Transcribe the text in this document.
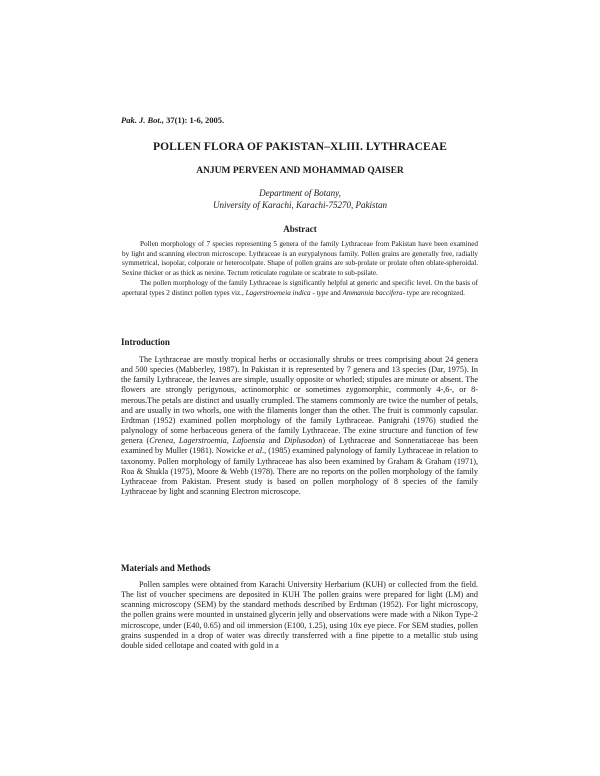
Pak. J. Bot., 37(1): 1-6, 2005.
POLLEN FLORA OF PAKISTAN–XLIII. LYTHRACEAE
ANJUM PERVEEN AND MOHAMMAD QAISER
Department of Botany,
University of Karachi, Karachi-75270, Pakistan
Abstract

Pollen morphology of 7 species representing 5 genera of the family Lythraceae from Pakistan have been examined by light and scanning electron microscope. Lythraceae is an eurypalynous family. Pollen grains are generally free, radially symmetrical, isopolar, colporate or heterocolpate. Shape of pollen grains are sub-prolate or prolate often oblate-spheroidal. Sexine thicker or as thick as nexine. Tectum reticulate rugulate or scabrate to sub-psilate.

The pollen morphology of the family Lythraceae is significantly helpful at generic and specific level. On the basis of apertural types 2 distinct pollen types viz., Lagerstroemeia indica - type and Ammannia baccifera- type are recognized.

Introduction

The Lythraceae are mostly tropical herbs or occasionally shrubs or trees comprising about 24 genera and 500 species (Mabberley, 1987). In Pakistan it is represented by 7 genera and 13 species (Dar, 1975). In the family Lythraceae, the leaves are simple, usually opposite or whorled; stipules are minute or absent. The flowers are strongly perigynous, actinomorphic or sometimes zygomorphic, commonly 4-,6-, or 8-merous.The petals are distinct and usually crumpled. The stamens commonly are twice the number of petals, and are usually in two whorls, one with the filaments longer than the other. The fruit is commonly capsular. Erdtman (1952) examined pollen morphology of the family Lythraceae. Panigrahi (1976) studied the palynology of some herbaceous genera of the family Lythraceae. The exine structure and function of few genera (Crenea, Lagerstroemia, Lafoensia and Diplusodon) of Lythraceae and Sonneratiaceae has been examined by Muller (1981). Nowicke et al., (1985) examined palynology of family Lythraceae in relation to taxonomy. Pollen morphology of family Lythraceae has also been examined by Graham & Graham (1971), Roa & Shukla (1975), Moore & Webb (1978). There are no reports on the pollen morphology of the family Lythraceae from Pakistan. Present study is based on pollen morphology of 8 species of the family Lythraceae by light and scanning Electron microscope.

Materials and Methods

Pollen samples were obtained from Karachi University Herbarium (KUH) or collected from the field. The list of voucher specimens are deposited in KUH The pollen grains were prepared for light (LM) and scanning microscopy (SEM) by the standard methods described by Erdtman (1952). For light microscopy, the pollen grains were mounted in unstained glycerin jelly and observations were made with a Nikon Type-2 microscope, under (E40, 0.65) and oil immersion (E100, 1.25), using 10x eye piece. For SEM studies, pollen grains suspended in a drop of water was directly transferred with a fine pipette to a metallic stub using double sided cellotape and coated with gold in a
